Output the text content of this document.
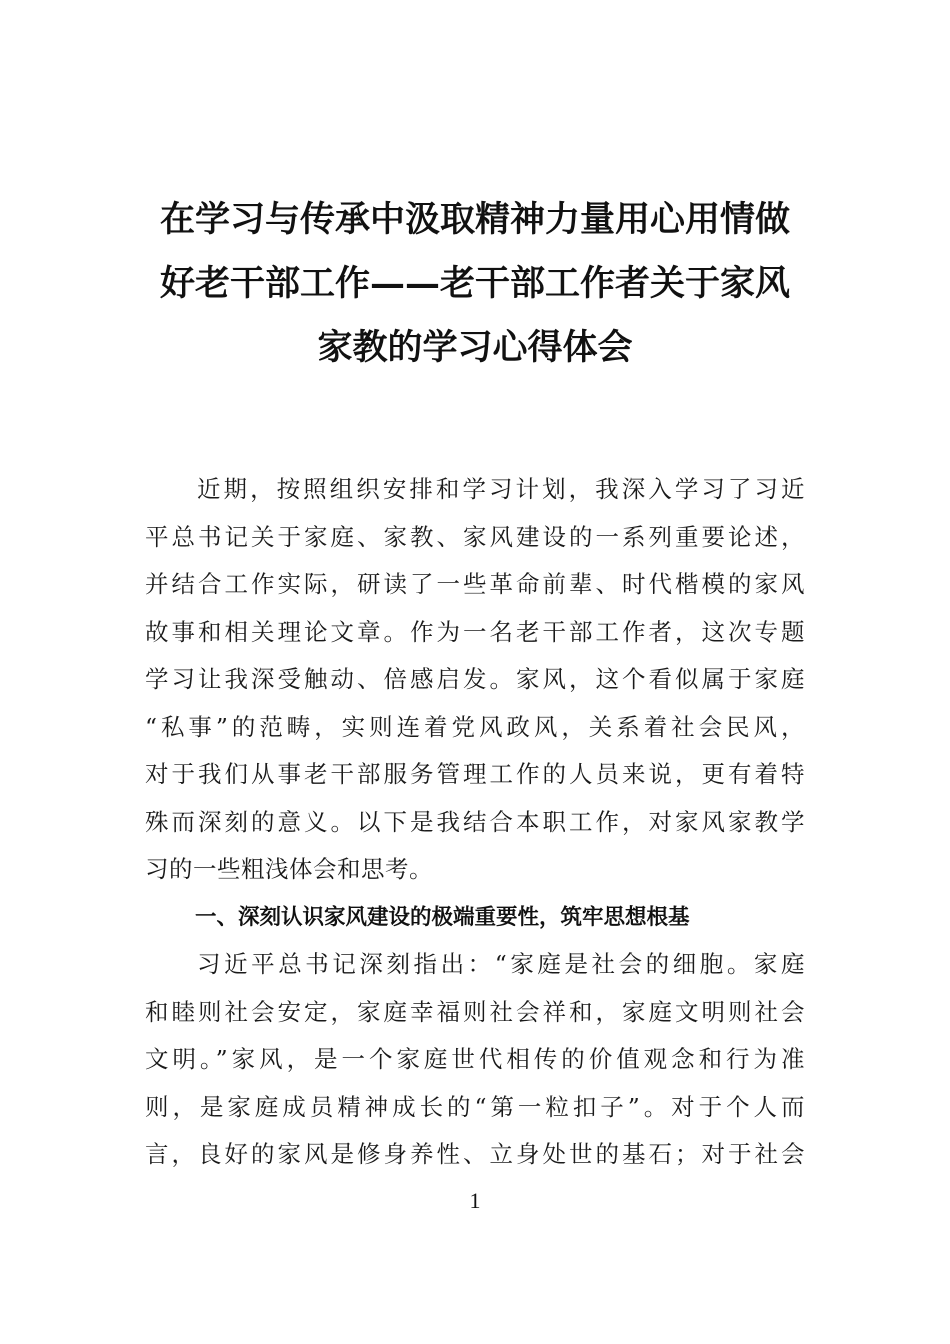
在学习与传承中汲取精神力量用心用情做
好老干部工作——老干部工作者关于家风
家教的学习心得体会
近期，按照组织安排和学习计划，我深入学习了习近
平总书记关于家庭、家教、家风建设的一系列重要论述，
并结合工作实际，研读了一些革命前辈、时代楷模的家风
故事和相关理论文章。作为一名老干部工作者，这次专题
学习让我深受触动、倍感启发。家风，这个看似属于家庭
“私事”的范畴，实则连着党风政风，关系着社会民风，
对于我们从事老干部服务管理工作的人员来说，更有着特
殊而深刻的意义。以下是我结合本职工作，对家风家教学
习的一些粗浅体会和思考。
一、深刻认识家风建设的极端重要性，筑牢思想根基
习近平总书记深刻指出：“家庭是社会的细胞。家庭
和睦则社会安定，家庭幸福则社会祥和，家庭文明则社会
文明。”家风，是一个家庭世代相传的价值观念和行为准
则，是家庭成员精神成长的“第一粒扣子”。对于个人而
言，良好的家风是修身养性、立身处世的基石；对于社会
1
